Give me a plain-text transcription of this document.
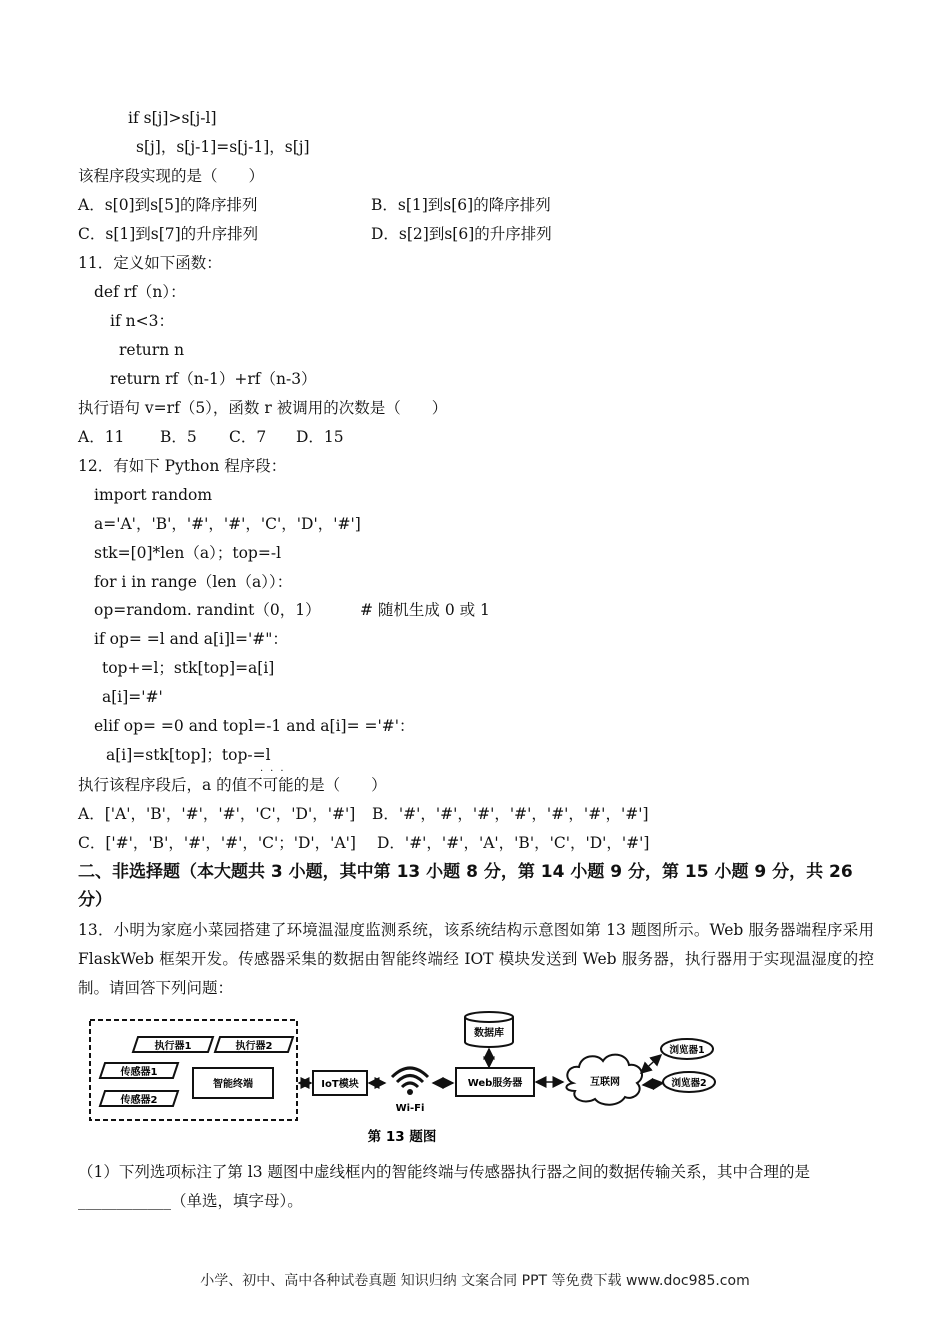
if s[j]>s[j-l]
s[j]，s[j-1]=s[j-1]，s[j]
该程序段实现的是（　　）
A．s[0]到s[5]的降序排列	B．s[1]到s[6]的降序排列
C．s[1]到s[7]的升序排列	D．s[2]到s[6]的升序排列
11．定义如下函数：
def rf（n）：
if n<3：
return n
return rf（n-1）+rf（n-3）
执行语句 v=rf（5），函数 r 被调用的次数是（　　）
A．11 B．5 C．7 D．15
12．有如下 Python 程序段：
import random
a='A'，'B'，'#'，'#'，'C'，'D'，'#']
stk=[0]*len（a）；top=-l
for i in range（len（a））：
op=random. randint（0，1）	# 随机生成 0 或 1
if op= =l and a[i]l='#"：
top+=l；stk[top]=a[i]
a[i]='#'
elif op= =0 and topl=-1 and a[i]= ='#'：
a[i]=stk[top]；top-=l
...
执行该程序段后，a 的值不可能的是（　　）
A．['A'，'B'，'#'，'#'，'C'，'D'，'#'] B．'#'，'#'，'#'，'#'，'#'，'#'，'#']
C．['#'，'B'，'#'，'#'，'C'；'D'，'A'] D．'#'，'#'，'A'，'B'，'C'，'D'，'#']
二、非选择题（本大题共 3 小题，其中第 13 小题 8 分，第 14 小题 9 分，第 15 小题 9 分，共 26
分）
13．小明为家庭小菜园搭建了环境温湿度监测系统，该系统结构示意图如第 13 题图所示。Web 服务器端程序采用 FlaskWeb 框架开发。传感器采集的数据由智能终端经 IOT 模块发送到 Web 服务器，执行器用于实现温湿度的控制。请回答下列问题：
执行器1	执行器2
传感器1
传感器2
智能终端	IoT模块
Wi-Fi
数据库
Web服务器	互联网
浏览器1
浏览器2
第 13 题图
（1）下列选项标注了第 l3 题图中虚线框内的智能终端与传感器执行器之间的数据传输关系，其中合理的是
____________（单选，填字母）。
小学、初中、高中各种试卷真题 知识归纳 文案合同 PPT 等免费下载 www.doc985.com
